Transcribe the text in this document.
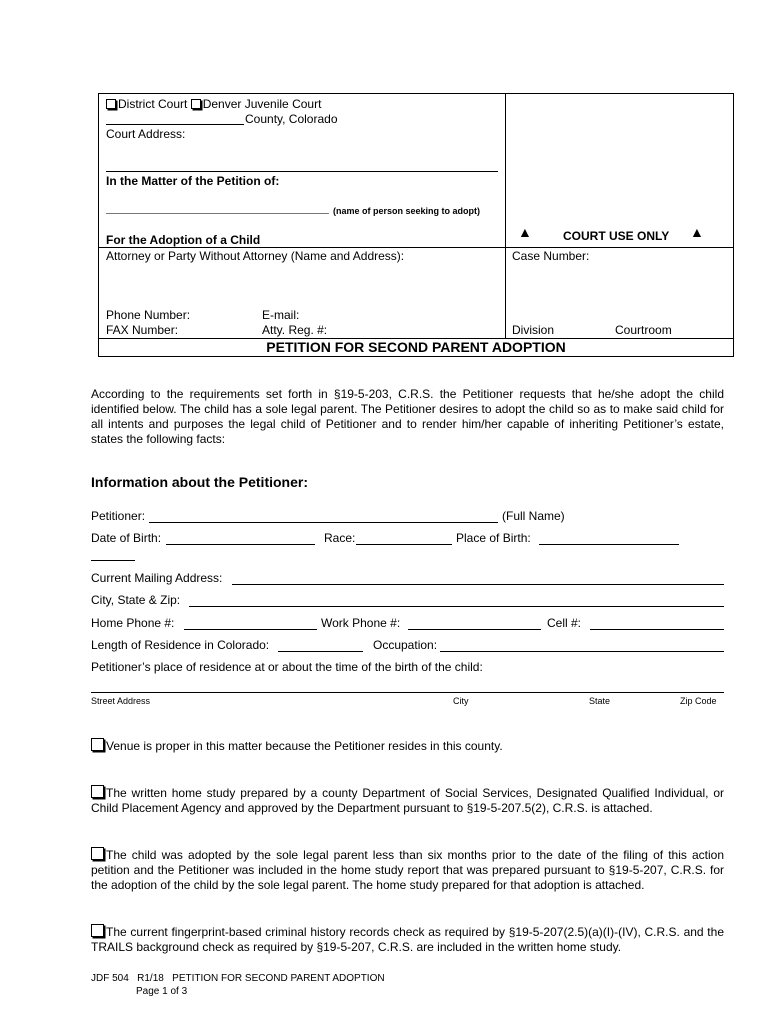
District Court Denver Juvenile Court
County, Colorado
Court Address:
In the Matter of the Petition of:
(name of person seeking to adopt)
For the Adoption of a Child	▲	COURT USE ONLY ▲
Attorney or Party Without Attorney (Name and Address):	Case Number:
Phone Number:	E-mail:
FAX Number:	Atty. Reg. #:	Division	Courtroom
PETITION FOR SECOND PARENT ADOPTION
According to the requirements set forth in §19-5-203, C.R.S. the Petitioner requests that he/she adopt the child identified below. The child has a sole legal parent. The Petitioner desires to adopt the child so as to make said child for all intents and purposes the legal child of Petitioner and to render him/her capable of inheriting Petitioner’s estate, states the following facts:
Information about the Petitioner:
Petitioner:	(Full Name)
Date of Birth:	Race:	Place of Birth:
Current Mailing Address:
City, State & Zip:
Home Phone #:	Work Phone #:	Cell #:
Length of Residence in Colorado:	Occupation:
Petitioner’s place of residence at or about the time of the birth of the child:
Street Address	City	State	Zip Code
Venue is proper in this matter because the Petitioner resides in this county.
The written home study prepared by a county Department of Social Services, Designated Qualified Individual, or Child Placement Agency and approved by the Department pursuant to §19-5-207.5(2), C.R.S. is attached.
The child was adopted by the sole legal parent less than six months prior to the date of the filing of this action petition and the Petitioner was included in the home study report that was prepared pursuant to §19-5-207, C.R.S. for the adoption of the child by the sole legal parent. The home study prepared for that adoption is attached.
The current fingerprint-based criminal history records check as required by §19-5-207(2.5)(a)(I)-(IV), C.R.S. and the TRAILS background check as required by §19-5-207, C.R.S. are included in the written home study.
JDF 504   R1/18   PETITION FOR SECOND PARENT ADOPTION
Page 1 of 3
